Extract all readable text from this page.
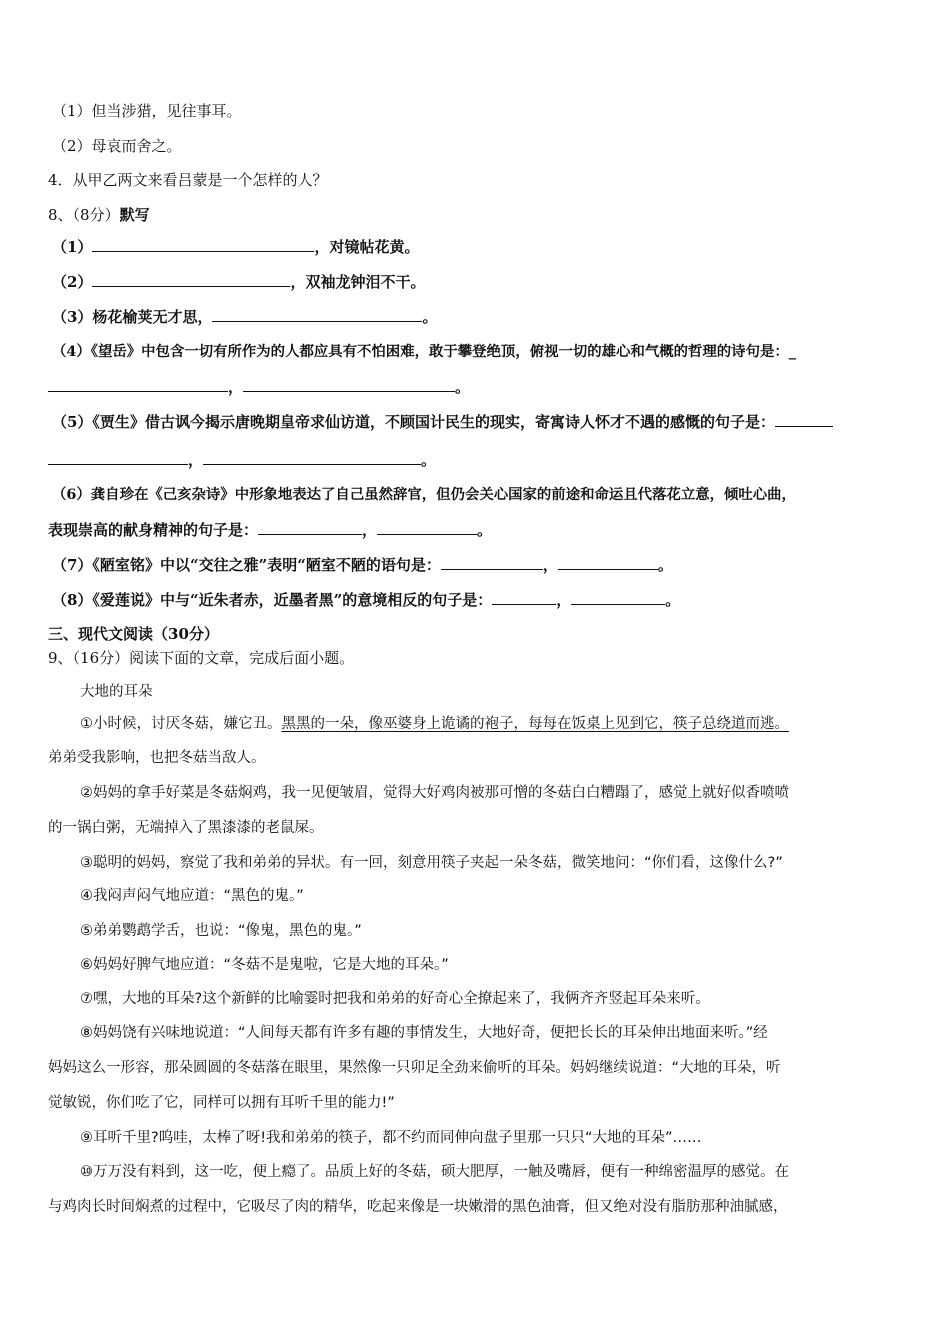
（1）但当涉猎，见往事耳。
（2）母哀而舍之。
4．从甲乙两文来看吕蒙是一个怎样的人？
8、（8分）默写
（1）	，对镜帖花黄。
（2）	，双袖龙钟泪不干。
（3）杨花榆荚无才思，	。
（4）《望岳》中包含一切有所作为的人都应具有不怕困难，敢于攀登绝顶，俯视一切的雄心和气概的哲理的诗句是：_
，	。
（5）《贾生》借古讽今揭示唐晚期皇帝求仙访道，不顾国计民生的现实，寄寓诗人怀才不遇的感慨的句子是：
，	。
（6）龚自珍在《己亥杂诗》中形象地表达了自己虽然辞官，但仍会关心国家的前途和命运且代落花立意，倾吐心曲，
表现崇高的献身精神的句子是：	，	。
（7）《陋室铭》中以“交往之雅”表明“陋室不陋的语句是：	，	。
（8）《爱莲说》中与“近朱者赤，近墨者黑”的意境相反的句子是：	，	。
三、现代文阅读（30分）
9、（16分）阅读下面的文章，完成后面小题。
大地的耳朵
①小时候，讨厌冬菇，嫌它丑。黑黑的一朵，像巫婆身上诡谲的袍子，每每在饭桌上见到它，筷子总绕道而逃。
弟弟受我影响，也把冬菇当敌人。
②妈妈的拿手好菜是冬菇焖鸡，我一见便皱眉，觉得大好鸡肉被那可憎的冬菇白白糟蹋了，感觉上就好似香喷喷
的一锅白粥，无端掉入了黑漆漆的老鼠屎。
③聪明的妈妈，察觉了我和弟弟的异状。有一回，刻意用筷子夹起一朵冬菇，微笑地问：“你们看，这像什么?”
④我闷声闷气地应道：“黑色的鬼。”
⑤弟弟鹦鹉学舌，也说：“像鬼，黑色的鬼。”
⑥妈妈好脾气地应道：“冬菇不是鬼啦，它是大地的耳朵。”
⑦嘿，大地的耳朵?这个新鲜的比喻霎时把我和弟弟的好奇心全撩起来了，我俩齐齐竖起耳朵来听。
⑧妈妈饶有兴味地说道：“人间每天都有许多有趣的事情发生，大地好奇，便把长长的耳朵伸出地面来听。”经
妈妈这么一形容，那朵圆圆的冬菇落在眼里，果然像一只卯足全劲来偷听的耳朵。妈妈继续说道：“大地的耳朵，听
觉敏锐，你们吃了它，同样可以拥有耳听千里的能力!”
⑨耳听千里?呜哇，太棒了呀!我和弟弟的筷子，都不约而同伸向盘子里那一只只“大地的耳朵”……
⑩万万没有料到，这一吃，便上瘾了。品质上好的冬菇，硕大肥厚，一触及嘴唇，便有一种绵密温厚的感觉。在
与鸡肉长时间焖煮的过程中，它吸尽了肉的精华，吃起来像是一块嫩滑的黑色油膏，但又绝对没有脂肪那种油腻感，
